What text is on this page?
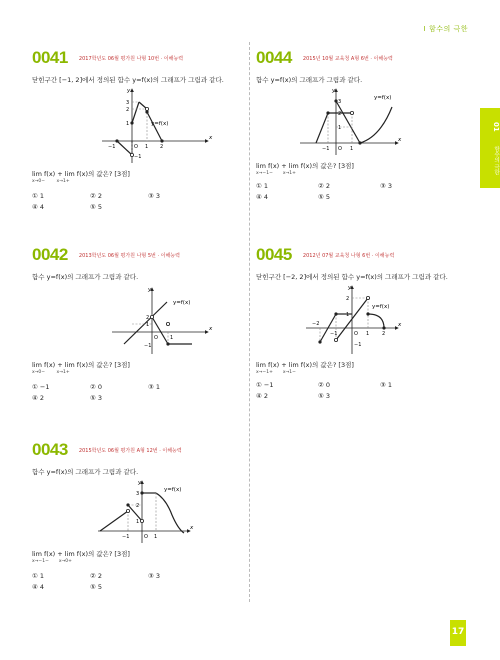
Ⅰ 함수의 극한
01
함수의 극한
0041 2017학년도 06월 평가원 나형 10번 · 이해능력
닫힌구간 [−1, 2]에서 정의된 함수 y=f(x)의 그래프가 그림과 같다.
y=f(x)
y
x
−1	O 1 2
3
2
1
−1
lim f(x) + lim f(x)의 값은? [3점]
x→0−	x→1+
① 1	② 2	③ 3
④ 4	⑤ 5
0042 2013학년도 06월 평가원 나형 5번 · 이해능력
함수 y=f(x)의 그래프가 그림과 같다.
y=f(x)
y
x
O 1
2
1
−1
lim f(x) + lim f(x)의 값은? [3점]
x→0−	x→1+
① −1	② 0	③ 1
④ 2	⑤ 3
0043 2015학년도 06월 평가원 A형 12번 · 이해능력
함수 y=f(x)의 그래프가 그림과 같다.
y=f(x)
y
x
−1	O 1
3
2
1
lim f(x) + lim f(x)의 값은? [3점]
x→−1− x→0+
① 1	② 2	③ 3
④ 4	⑤ 5
0044 2015년 10월 교육청 A형 6번 · 이해능력
함수 y=f(x)의 그래프가 그림과 같다.
y=f(x)
y
x
−1 O 1
3
2
1
lim f(x) + lim f(x)의 값은? [3점]
x→−1− x→1+
① 1	② 2	③ 3
④ 4	⑤ 5
0045 2012년 07월 교육청 나형 6번 · 이해능력
닫힌구간 [−2, 2]에서 정의된 함수 y=f(x)의 그래프가 그림과 같다.
y=f(x)
y
x
−2
−1	O 1	2
2
1
−1
lim f(x) + lim f(x)의 값은? [3점]
x→−1+ x→1−
① −1	② 0	③ 1
④ 2	⑤ 3
17
